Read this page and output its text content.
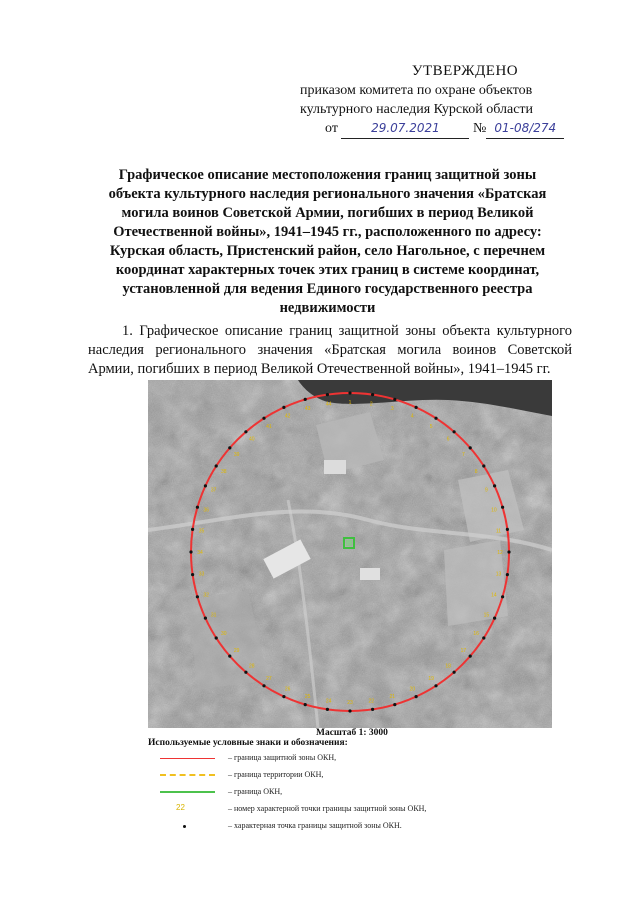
УТВЕРЖДЕНО
приказом комитета по охране объектов
культурного наследия Курской области
от	29.07.2021 № 01-08/274
Графическое описание местоположения границ защитной зоны объекта культурного наследия регионального значения «Братская могила воинов Советской Армии, погибших в период Великой Отечественной войны», 1941–1945 гг., расположенного по адресу: Курская область, Пристенский район, село Нагольное, с перечнем координат характерных точек этих границ в системе координат, установленной для ведения Единого государственного реестра недвижимости
1. Графическое описание границ защитной зоны объекта культурного наследия регионального значения «Братская могила воинов Советской Армии, погибших в период Великой Отечественной войны», 1941–1945 гг.
1	2
3
4
5
6
7
8
9
10
11
12
13
14
15
16
17
18
19
20
21
22
23
24
25
26
27
28
29
30
31
32
33
34
35
36
37
38
39
40
41
42
43
44
Масштаб 1: 3000
Используемые условные знаки и обозначения:
– граница защитной зоны ОКН,
– граница территории ОКН,
– граница ОКН,
22	– номер характерной точки границы защитной зоны ОКН,
– характерная точка границы защитной зоны ОКН.
